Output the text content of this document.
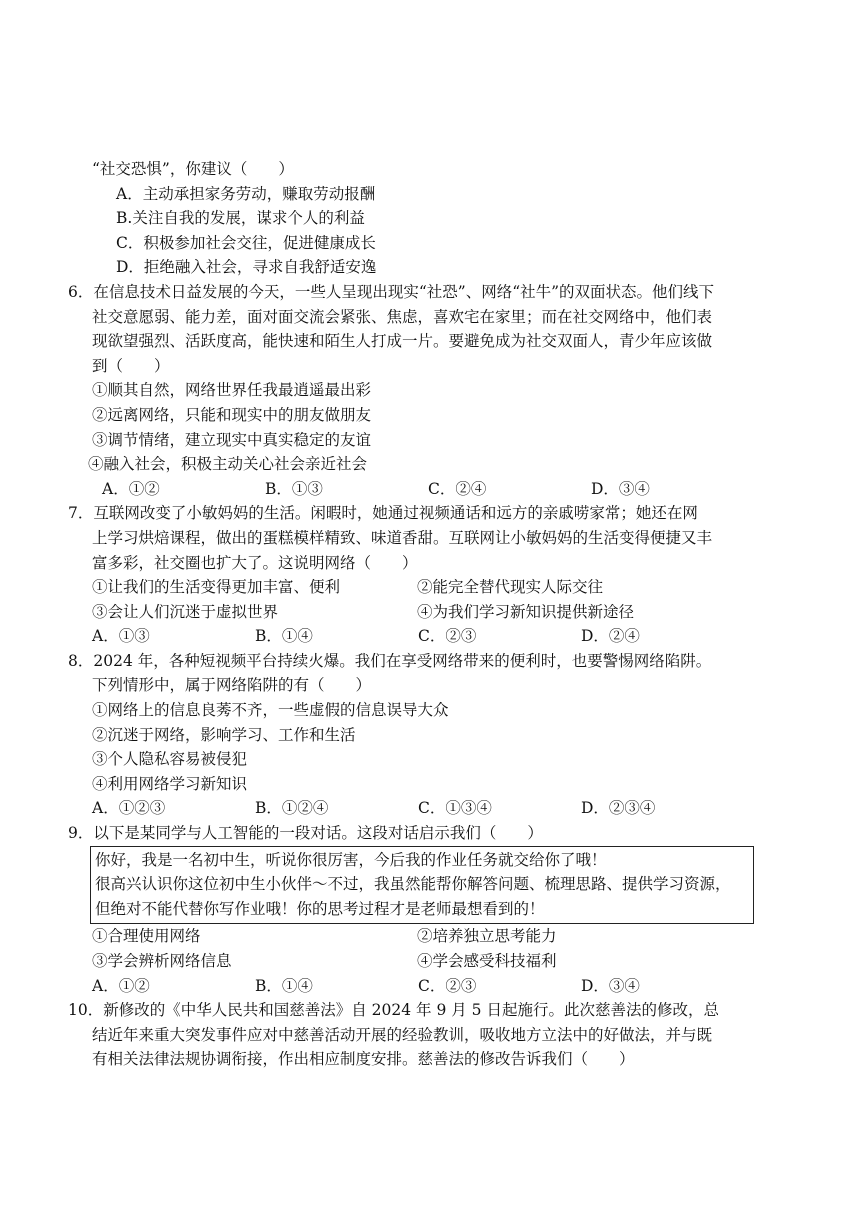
“社交恐惧”，你建议（　　）
A．主动承担家务劳动，赚取劳动报酬
B.关注自我的发展，谋求个人的利益
C．积极参加社会交往，促进健康成长
D．拒绝融入社会，寻求自我舒适安逸
6．在信息技术日益发展的今天，一些人呈现出现实“社恐”、网络“社牛”的双面状态。他们线下
社交意愿弱、能力差，面对面交流会紧张、焦虑，喜欢宅在家里；而在社交网络中，他们表
现欲望强烈、活跃度高，能快速和陌生人打成一片。要避免成为社交双面人，青少年应该做
到（　　）
①顺其自然，网络世界任我最逍遥最出彩
②远离网络，只能和现实中的朋友做朋友
③调节情绪，建立现实中真实稳定的友谊
④融入社会，积极主动关心社会亲近社会
A．①②	B．①③	C．②④	D．③④
7．互联网改变了小敏妈妈的生活。闲暇时，她通过视频通话和远方的亲戚唠家常；她还在网
上学习烘焙课程，做出的蛋糕模样精致、味道香甜。互联网让小敏妈妈的生活变得便捷又丰
富多彩，社交圈也扩大了。这说明网络（　　）
①让我们的生活变得更加丰富、便利	②能完全替代现实人际交往
③会让人们沉迷于虚拟世界	④为我们学习新知识提供新途径
A．①③	B．①④	C．②③	D．②④
8．2024 年，各种短视频平台持续火爆。我们在享受网络带来的便利时，也要警惕网络陷阱。
下列情形中，属于网络陷阱的有（　　）
①网络上的信息良莠不齐，一些虚假的信息误导大众
②沉迷于网络，影响学习、工作和生活
③个人隐私容易被侵犯
④利用网络学习新知识
A．①②③	B．①②④	C．①③④	D．②③④
9．以下是某同学与人工智能的一段对话。这段对话启示我们（　　）
你好，我是一名初中生，听说你很厉害，今后我的作业任务就交给你了哦！
很高兴认识你这位初中生小伙伴～不过，我虽然能帮你解答问题、梳理思路、提供学习资源，
但绝对不能代替你写作业哦！你的思考过程才是老师最想看到的！
①合理使用网络	②培养独立思考能力
③学会辨析网络信息	④学会感受科技福利
A．①②	B．①④	C．②③	D．③④
10．新修改的《中华人民共和国慈善法》自 2024 年 9 月 5 日起施行。此次慈善法的修改，总
结近年来重大突发事件应对中慈善活动开展的经验教训，吸收地方立法中的好做法，并与既
有相关法律法规协调衔接，作出相应制度安排。慈善法的修改告诉我们（　　）
